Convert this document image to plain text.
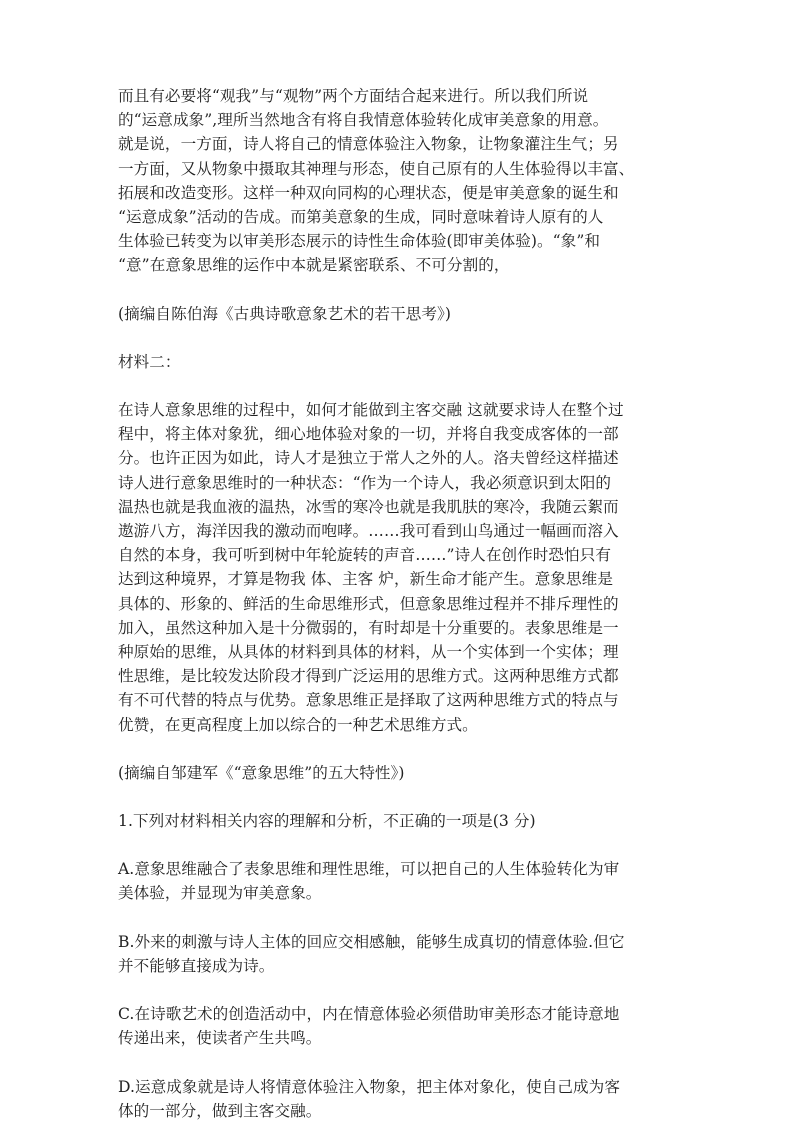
而且有必要将“观我”与“观物”两个方面结合起来进行。所以我们所说
的“运意成象”,理所当然地含有将自我情意体验转化成审美意象的用意。
就是说，一方面，诗人将自己的情意体验注入物象，让物象灌注生气；另
一方面，又从物象中摄取其神理与形态，使自己原有的人生体验得以丰富、
拓展和改造变形。这样一种双向同构的心理状态，便是审美意象的诞生和
“运意成象”活动的告成。而第美意象的生成，同时意味着诗人原有的人
生体验已转变为以审美形态展示的诗性生命体验(即审美体验)。“象”和
“意”在意象思维的运作中本就是紧密联系、不可分割的，

(摘编自陈伯海《古典诗歌意象艺术的若干思考》)

材料二：

在诗人意象思维的过程中，如何才能做到主客交融 这就要求诗人在整个过
程中，将主体对象犹，细心地体验对象的一切，并将自我变成客体的一部
分。也许正因为如此，诗人才是独立于常人之外的人。洛夫曾经这样描述
诗人进行意象思维时的一种状态：“作为一个诗人，我必须意识到太阳的
温热也就是我血液的温热，冰雪的寒冷也就是我肌肤的寒冷，我随云絮而
遨游八方，海洋因我的激动而咆哮。……我可看到山鸟通过一幅画而溶入
自然的本身，我可听到树中年轮旋转的声音……”诗人在创作时恐怕只有
达到这种境界，才算是物我 体、主客 炉，新生命才能产生。意象思维是
具体的、形象的、鲜活的生命思维形式，但意象思维过程并不排斥理性的
加入，虽然这种加入是十分微弱的，有时却是十分重要的。表象思维是一
种原始的思维，从具体的材料到具体的材料，从一个实体到一个实体；理
性思维，是比较发达阶段才得到广泛运用的思维方式。这两种思维方式都
有不可代替的特点与优势。意象思维正是择取了这两种思维方式的特点与
优赞，在更高程度上加以综合的一种艺术思维方式。

(摘编自邹建军《“意象思维”的五大特性》)

1.下列对材料相关内容的理解和分析，不正确的一项是(3 分)

A.意象思维融合了表象思维和理性思维，可以把自己的人生体验转化为审
美体验，并显现为审美意象。

B.外来的刺激与诗人主体的回应交相感触，能够生成真切的情意体验.但它
并不能够直接成为诗。

C.在诗歌艺术的创造活动中，内在情意体验必须借助审美形态才能诗意地
传递出来，使读者产生共鸣。

D.运意成象就是诗人将情意体验注入物象，把主体对象化，使自己成为客
体的一部分，做到主客交融。
